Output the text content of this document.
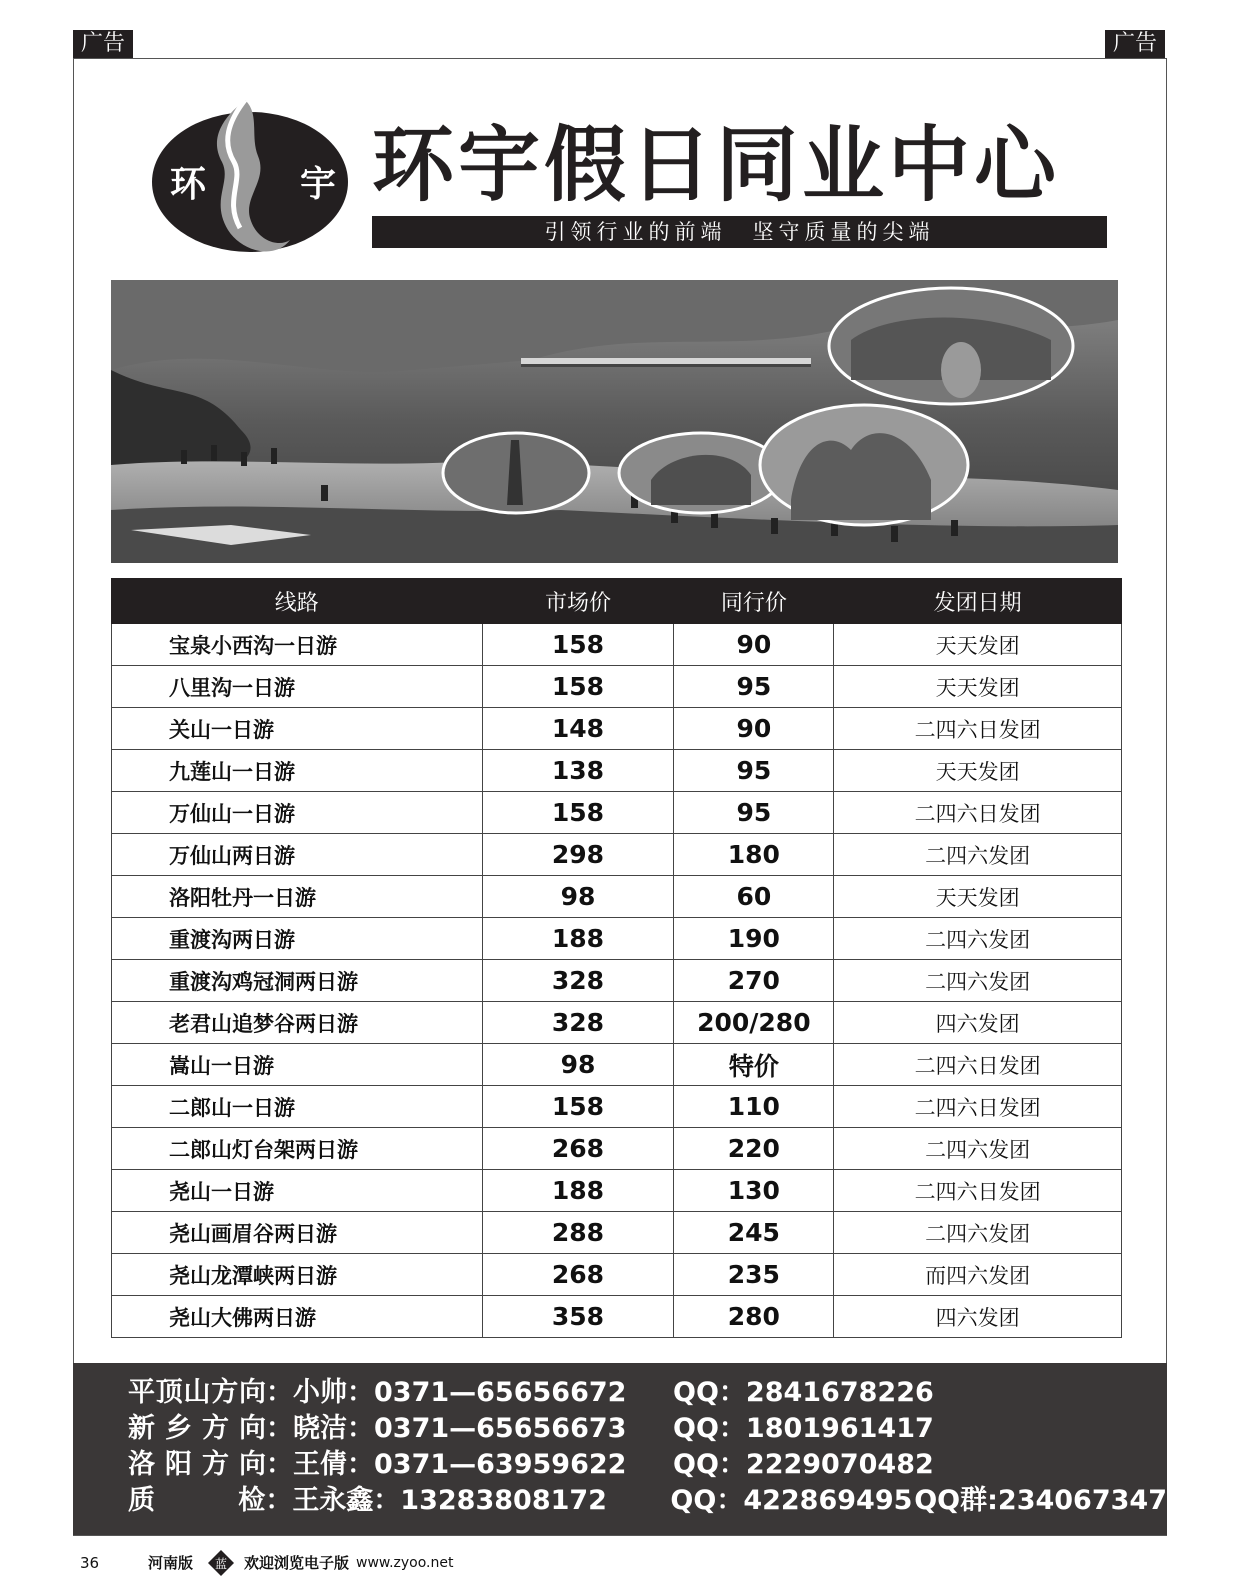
广告	广告
环	宇 环宇假日同业中心
引领行业的前端　坚守质量的尖端
线路	市场价	同行价	发团日期
宝泉小西沟一日游	158	90	天天发团
八里沟一日游	158	95	天天发团
关山一日游	148	90	二四六日发团
九莲山一日游	138	95	天天发团
万仙山一日游	158	95	二四六日发团
万仙山两日游	298	180	二四六发团
洛阳牡丹一日游	98	60	天天发团
重渡沟两日游	188	190	二四六发团
重渡沟鸡冠洞两日游	328	270	二四六发团
老君山追梦谷两日游	328	200/280	四六发团
嵩山一日游	98	特价	二四六日发团
二郎山一日游	158	110	二四六日发团
二郎山灯台架两日游	268	220	二四六发团
尧山一日游	188	130	二四六日发团
尧山画眉谷两日游	288	245	二四六发团
尧山龙潭峡两日游	268	235	而四六发团
尧山大佛两日游	358	280	四六发团
平顶山方向 ： 小帅：0371—65656672	QQ：2841678226
新乡方向 ： 晓洁：0371—65656673	QQ：1801961417
洛阳方向 ： 王倩：0371—63959622	QQ：2229070482
质检 ： 王永鑫：13283808172	QQ：422869495 QQ群:234067347
36	河南版 蓝 欢迎浏览电子版 www.zyoo.net
